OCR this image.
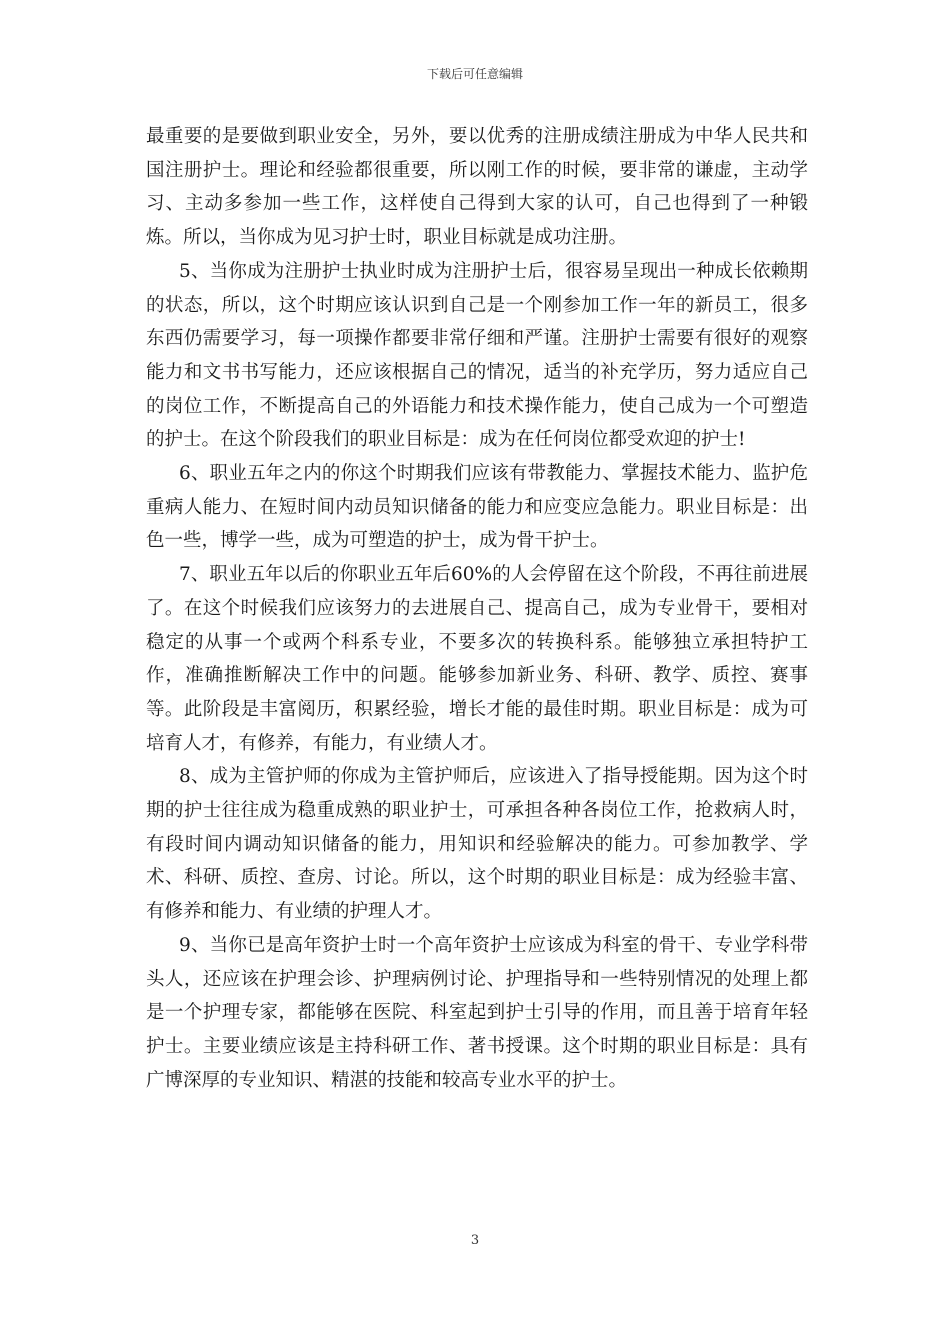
下载后可任意编辑

最重要的是要做到职业安全，另外，要以优秀的注册成绩注册成为中华人民共和国注册护士。理论和经验都很重要，所以刚工作的时候，要非常的谦虚，主动学习、主动多参加一些工作，这样使自己得到大家的认可，自己也得到了一种锻炼。所以，当你成为见习护士时，职业目标就是成功注册。

5、当你成为注册护士执业时成为注册护士后，很容易呈现出一种成长依赖期的状态，所以，这个时期应该认识到自己是一个刚参加工作一年的新员工，很多东西仍需要学习，每一项操作都要非常仔细和严谨。注册护士需要有很好的观察能力和文书书写能力，还应该根据自己的情况，适当的补充学历，努力适应自己的岗位工作，不断提高自己的外语能力和技术操作能力，使自己成为一个可塑造的护士。在这个阶段我们的职业目标是：成为在任何岗位都受欢迎的护士!

6、职业五年之内的你这个时期我们应该有带教能力、掌握技术能力、监护危重病人能力、在短时间内动员知识储备的能力和应变应急能力。职业目标是：出色一些，博学一些，成为可塑造的护士，成为骨干护士。

7、职业五年以后的你职业五年后60%的人会停留在这个阶段，不再往前进展了。在这个时候我们应该努力的去进展自己、提高自己，成为专业骨干，要相对稳定的从事一个或两个科系专业，不要多次的转换科系。能够独立承担特护工作，准确推断解决工作中的问题。能够参加新业务、科研、教学、质控、赛事等。此阶段是丰富阅历，积累经验，增长才能的最佳时期。职业目标是：成为可培育人才，有修养，有能力，有业绩人才。

8、成为主管护师的你成为主管护师后，应该进入了指导授能期。因为这个时期的护士往往成为稳重成熟的职业护士，可承担各种各岗位工作，抢救病人时，有段时间内调动知识储备的能力，用知识和经验解决的能力。可参加教学、学术、科研、质控、查房、讨论。所以，这个时期的职业目标是：成为经验丰富、有修养和能力、有业绩的护理人才。

9、当你已是高年资护士时一个高年资护士应该成为科室的骨干、专业学科带头人，还应该在护理会诊、护理病例讨论、护理指导和一些特别情况的处理上都是一个护理专家，都能够在医院、科室起到护士引导的作用，而且善于培育年轻护士。主要业绩应该是主持科研工作、著书授课。这个时期的职业目标是：具有广博深厚的专业知识、精湛的技能和较高专业水平的护士。

3
